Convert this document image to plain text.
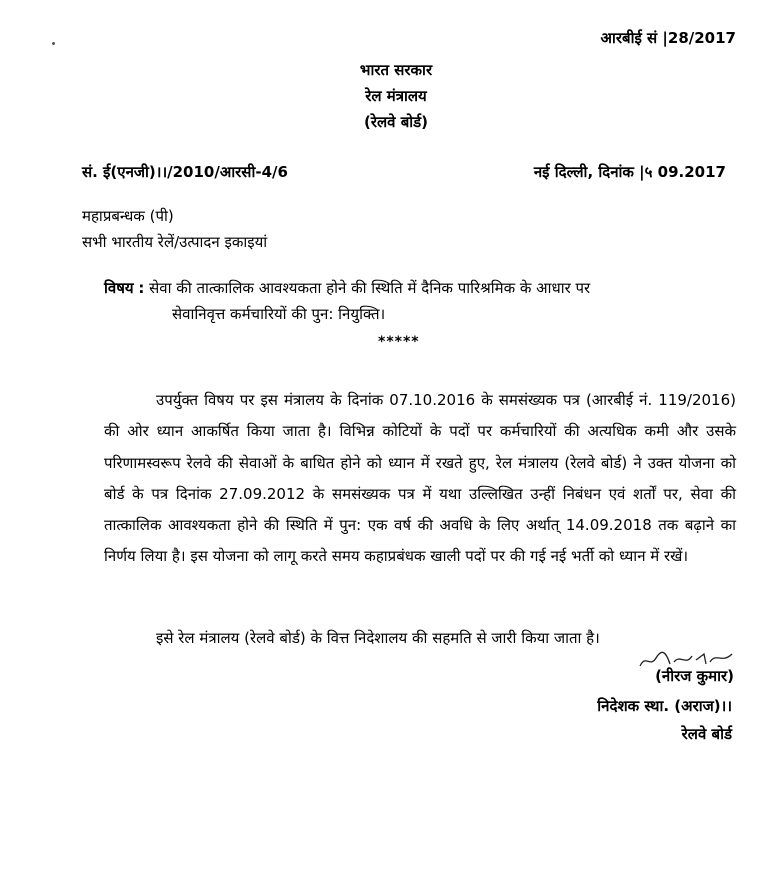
आरबीई सं |28/2017
भारत सरकार
रेल मंत्रालय
(रेलवे बोर्ड)
सं. ई(एनजी)।।/2010/आरसी-4/6	नई दिल्ली, दिनांक |५ 09.2017
महाप्रबन्धक (पी)
सभी भारतीय रेलें/उत्पादन इकाइयां
विषय : सेवा की तात्कालिक आवश्यकता होने की स्थिति में दैनिक पारिश्रमिक के आधार पर
सेवानिवृत्त कर्मचारियों की पुन: नियुक्ति।
*****
उपर्युक्त विषय पर इस मंत्रालय के दिनांक 07.10.2016 के समसंख्यक पत्र (आरबीई नं. 119/2016) की ओर ध्यान आकर्षित किया जाता है। विभिन्न कोटियों के पदों पर कर्मचारियों की अत्यधिक कमी और उसके परिणामस्वरूप रेलवे की सेवाओं के बाधित होने को ध्यान में रखते हुए, रेल मंत्रालय (रेलवे बोर्ड) ने उक्त योजना को बोर्ड के पत्र दिनांक 27.09.2012 के समसंख्यक पत्र में यथा उल्लिखित उन्हीं निबंधन एवं शर्तों पर, सेवा की तात्कालिक आवश्यकता होने की स्थिति में पुन: एक वर्ष की अवधि के लिए अर्थात् 14.09.2018 तक बढ़ाने का निर्णय लिया है। इस योजना को लागू करते समय कहाप्रबंधक खाली पदों पर की गई नई भर्ती को ध्यान में रखें।
इसे रेल मंत्रालय (रेलवे बोर्ड) के वित्त निदेशालय की सहमति से जारी किया जाता है।
(नीरज कुमार)
निदेशक स्था. (अराज)।।
रेलवे बोर्ड
